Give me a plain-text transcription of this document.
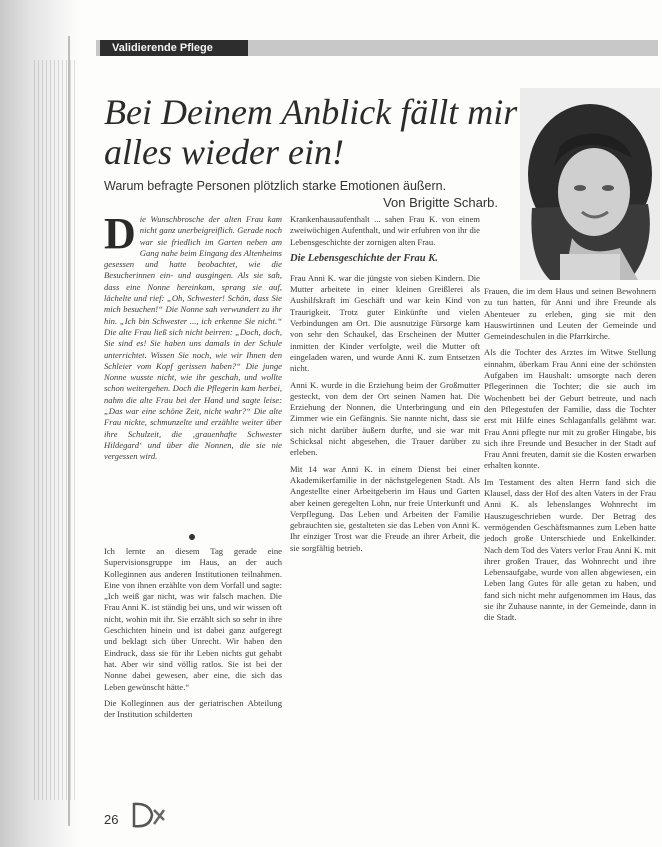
Validierende Pflege
Bei Deinem Anblick fällt mir alles wieder ein!

Warum befragte Personen plötzlich starke Emotionen äußern.

Von Brigitte Scharb.
D ie Wunschbrosche der alten Frau kam nicht ganz unerbeigreiflich. Gerade noch war sie friedlich im Garten neben am Gang nahe beim Eingang des Altenheims gesessen und hatte beobachtet, wie die Besucherinnen ein- und ausgingen. Als sie sah, dass eine Nonne hereinkam, sprang sie auf, lächelte und rief: „Oh, Schwester! Schön, dass Sie mich besuchen!“ Die Nonne sah verwundert zu ihr hin. „Ich bin Schwester ..., ich erkenne Sie nicht.“ Die alte Frau ließ sich nicht beirren: „Doch, doch, Sie sind es! Sie haben uns damals in der Schule unterrichtet. Wissen Sie noch, wie wir Ihnen den Schleier vom Kopf gerissen haben?“ Die junge Nonne wusste nicht, wie ihr geschah, und wollte schon weitergehen. Doch die Pflegerin kam herbei, nahm die alte Frau bei der Hand und sagte leise: „Das war eine schöne Zeit, nicht wahr?“ Die alte Frau nickte, schmunzelte und erzählte weiter über ihre Schulzeit, die ‚grauenhafte Schwester Hildegard‘ und über die Nonnen, die sie nie vergessen wird.

Ich lernte an diesem Tag gerade eine Supervisionsgruppe im Haus, an der auch Kolleginnen aus anderen Institutionen teilnahmen. Eine von ihnen erzählte von dem Vorfall und sagte: „Ich weiß gar nicht, was wir falsch machen. Die Frau Anni K. ist ständig bei uns, und wir wissen oft nicht, wohin mit ihr. Sie erzählt sich so sehr in ihre Geschichten hinein und ist dabei ganz aufgeregt und beklagt sich über Unrecht. Wir haben den Eindruck, dass sie für ihr Leben nichts gut gehabt hat. Aber wir sind völlig ratlos. Sie ist bei der Nonne dabei gewesen, aber eine, die sich das Leben gewünscht hätte.“

Die Kolleginnen aus der geriatrischen Abteilung der Institution schilderten

Krankenhausaufenthalt ... sahen Frau K. von einem zweiwöchigen Aufenthalt, und wir erfuhren von ihr die Lebensgeschichte der zornigen alten Frau.

Die Lebensgeschichte der Frau K.

Frau Anni K. war die jüngste von sieben Kindern. Die Mutter arbeitete in einer kleinen Greißlerei als Aushilfskraft im Geschäft und war kein Kind von Traurigkeit. Trotz guter Einkünfte und vielen Verbindungen am Ort. Die ausnutzige Fürsorge kam von sehr den Schaukel, das Erscheinen der Mutter inmitten der Kinder verfolgte, weil die Mutter oft eingeladen waren, und wurde Anni K. zum Entsetzen nicht.

Anni K. wurde in die Erziehung beim der Großmutter gesteckt, von dem der Ort seinen Namen hat. Die Erziehung der Nonnen, die Unterbringung und ein Zimmer wie ein Gefängnis. Sie nannte nicht, dass sie sich nicht darüber äußern durfte, und sie war mit Schicksal nicht abgesehen, die Trauer darüber zu erleben.

Mit 14 war Anni K. in einem Dienst bei einer Akademikerfamilie in der nächstgelegenen Stadt. Als Angestellte einer Arbeitgeberin im Haus und Garten aber keinen geregelten Lohn, nur freie Unterkunft und Verpflegung. Das Leben und Arbeiten der Familie gebrauchten sie, gestalteten sie das Leben von Anni K. Ihr einziger Trost war die Freude an ihrer Arbeit, die sie sorgfältig betrieb.

Frauen, die im dem Haus und seinen Bewohnern zu tun hatten, für Anni und ihre Freunde als Abenteuer zu erleben, ging sie mit den Hauswirtinnen und Leuten der Gemeinde und Gemeindeschulen in die Pfarrkirche.

Als die Tochter des Arztes im Witwe Stellung einnahm, überkam Frau Anni eine der schönsten Aufgaben im Haushalt: umsorgte nach deren Pflegerinnen die Tochter; die sie auch im Wochenbett bei der Geburt betreute, und nach den Pflegestufen der Familie, dass die Tochter erst mit Hilfe eines Schlaganfalls gelähmt war. Frau Anni pflegte nur mit zu großer Hingabe, bis sich ihre Freunde und Besucher in der Stadt auf Frau Anni freuten, damit sie die Kosten erwarben erhalten konnte.

Im Testament des alten Herrn fand sich die Klausel, dass der Hof des alten Vaters in der Frau Anni K. als lebenslanges Wohnrecht im Hauszugeschrieben wurde. Der Betrag des vermögenden Geschäftsmannes zum Leben hatte jedoch große Unterschiede und Enkelkinder. Nach dem Tod des Vaters verlor Frau Anni K. mit ihrer großen Trauer, das Wohnrecht und ihre Lebensaufgabe, wurde von allen abgewiesen, ein Leben lang Gutes für alle getan zu haben, und fand sich nicht mehr aufgenommen im Haus, das sie ihr Zuhause nannte, in der Gemeinde, dann in die Stadt.

26
